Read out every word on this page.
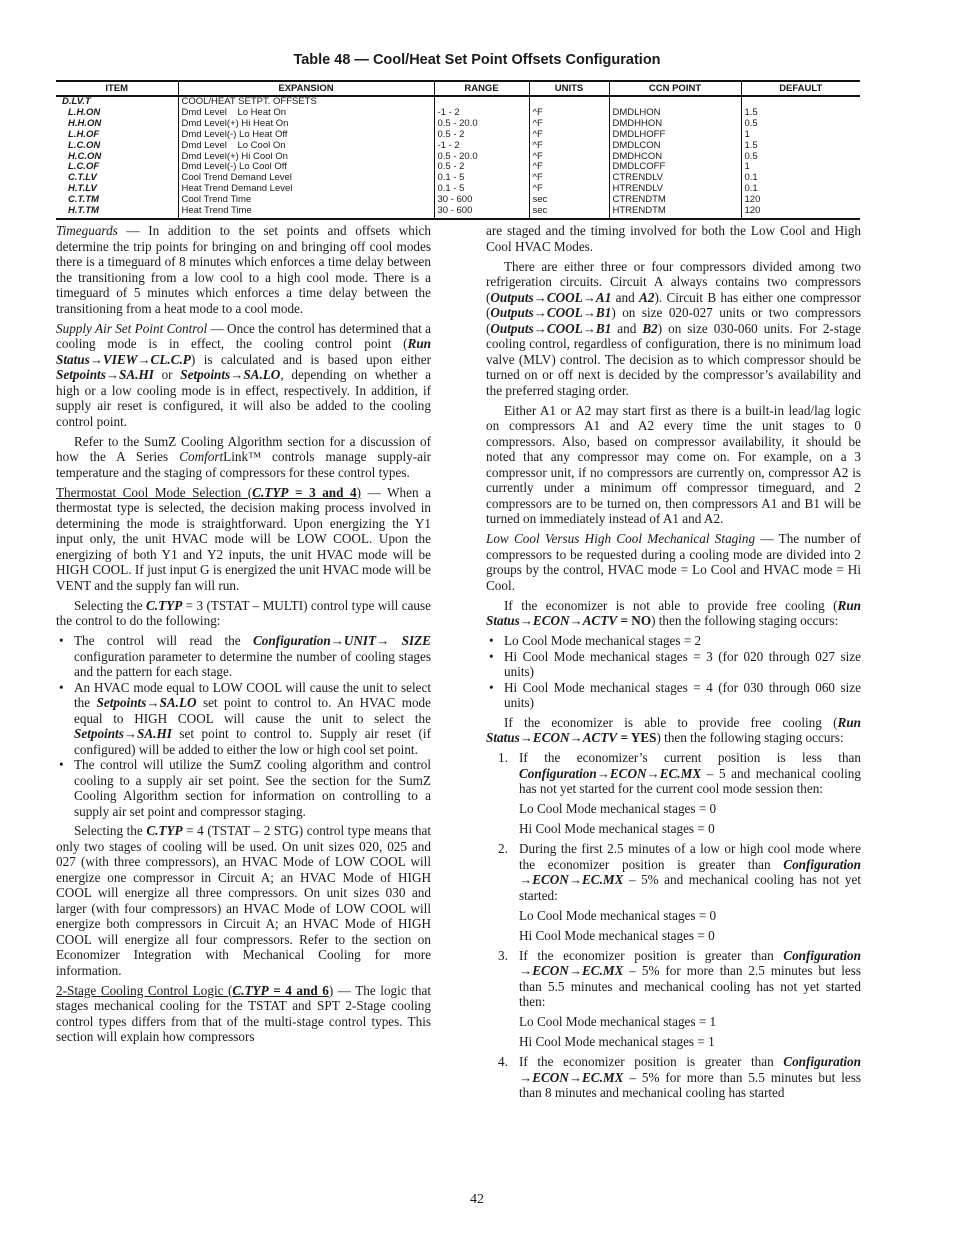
Table 48 — Cool/Heat Set Point Offsets Configuration
ITEM	EXPANSION	RANGE	UNITS	CCN POINT	DEFAULT
D.LV.T	COOL/HEAT SETPT. OFFSETS				
L.H.ON	Dmd Level    Lo Heat On	-1 - 2	^F	DMDLHON	1.5
H.H.ON	Dmd Level(+) Hi Heat On	0.5 - 20.0	^F	DMDHHON	0.5
L.H.OF	Dmd Level(-) Lo Heat Off	0.5 - 2	^F	DMDLHOFF	1
L.C.ON	Dmd Level    Lo Cool On	-1 - 2	^F	DMDLCON	1.5
H.C.ON	Dmd Level(+) Hi Cool On	0.5 - 20.0	^F	DMDHCON	0.5
L.C.OF	Dmd Level(-) Lo Cool Off	0.5 - 2	^F	DMDLCOFF	1
C.T.LV	Cool Trend Demand Level	0.1 - 5	^F	CTRENDLV	0.1
H.T.LV	Heat Trend Demand Level	0.1 - 5	^F	HTRENDLV	0.1
C.T.TM	Cool Trend Time	30 - 600	sec	CTRENDTM	120
H.T.TM	Heat Trend Time	30 - 600	sec	HTRENDTM	120

Timeguards — In addition to the set points and offsets which determine the trip points for bringing on and bringing off cool modes there is a timeguard of 8 minutes which enforces a time delay between the transitioning from a low cool to a high cool mode. There is a timeguard of 5 minutes which enforces a time delay between the transitioning from a heat mode to a cool mode.

Supply Air Set Point Control — Once the control has determined that a cooling mode is in effect, the cooling control point (Run Status→VIEW→CL.C.P) is calculated and is based upon either Setpoints→SA.HI or Setpoints→SA.LO, depending on whether a high or a low cooling mode is in effect, respectively. In addition, if supply air reset is configured, it will also be added to the cooling control point.

Refer to the SumZ Cooling Algorithm section for a discussion of how the A Series ComfortLink™ controls manage supply-air temperature and the staging of compressors for these control types.

Thermostat Cool Mode Selection (C.TYP = 3 and 4) — When a thermostat type is selected, the decision making process involved in determining the mode is straightforward. Upon energizing the Y1 input only, the unit HVAC mode will be LOW COOL. Upon the energizing of both Y1 and Y2 inputs, the unit HVAC mode will be HIGH COOL. If just input G is energized the unit HVAC mode will be VENT and the supply fan will run.

Selecting the C.TYP = 3 (TSTAT – MULTI) control type will cause the control to do the following:

• The control will read the Configuration→UNIT→ SIZE configuration parameter to determine the number of cooling stages and the pattern for each stage.
• An HVAC mode equal to LOW COOL will cause the unit to select the Setpoints→SA.LO set point to control to. An HVAC mode equal to HIGH COOL will cause the unit to select the Setpoints→SA.HI set point to control to. Supply air reset (if configured) will be added to either the low or high cool set point.
• The control will utilize the SumZ cooling algorithm and control cooling to a supply air set point. See the section for the SumZ Cooling Algorithm section for information on controlling to a supply air set point and compressor staging.

Selecting the C.TYP = 4 (TSTAT – 2 STG) control type means that only two stages of cooling will be used. On unit sizes 020, 025 and 027 (with three compressors), an HVAC Mode of LOW COOL will energize one compressor in Circuit A; an HVAC Mode of HIGH COOL will energize all three compressors. On unit sizes 030 and larger (with four compressors) an HVAC Mode of LOW COOL will energize both compressors in Circuit A; an HVAC Mode of HIGH COOL will energize all four compressors. Refer to the section on Economizer Integration with Mechanical Cooling for more information.

2-Stage Cooling Control Logic (C.TYP = 4 and 6) — The logic that stages mechanical cooling for the TSTAT and SPT 2-Stage cooling control types differs from that of the multi-stage control types. This section will explain how compressors

are staged and the timing involved for both the Low Cool and High Cool HVAC Modes.

There are either three or four compressors divided among two refrigeration circuits. Circuit A always contains two compressors (Outputs→COOL→A1 and A2). Circuit B has either one compressor (Outputs→COOL→B1) on size 020-027 units or two compressors (Outputs→COOL→B1 and B2) on size 030-060 units. For 2-stage cooling control, regardless of configuration, there is no minimum load valve (MLV) control. The decision as to which compressor should be turned on or off next is decided by the compressor’s availability and the preferred staging order.

Either A1 or A2 may start first as there is a built-in lead/lag logic on compressors A1 and A2 every time the unit stages to 0 compressors. Also, based on compressor availability, it should be noted that any compressor may come on. For example, on a 3 compressor unit, if no compressors are currently on, compressor A2 is currently under a minimum off compressor timeguard, and 2 compressors are to be turned on, then compressors A1 and B1 will be turned on immediately instead of A1 and A2.

Low Cool Versus High Cool Mechanical Staging — The number of compressors to be requested during a cooling mode are divided into 2 groups by the control, HVAC mode = Lo Cool and HVAC mode = Hi Cool.

If the economizer is not able to provide free cooling (Run Status→ECON→ACTV = NO) then the following staging occurs:

• Lo Cool Mode mechanical stages = 2
• Hi Cool Mode mechanical stages = 3 (for 020 through 027 size units)
• Hi Cool Mode mechanical stages = 4 (for 030 through 060 size units)

If the economizer is able to provide free cooling (Run Status→ECON→ACTV = YES) then the following staging occurs:

1. If the economizer’s current position is less than Configuration→ECON→EC.MX – 5 and mechanical cooling has not yet started for the current cool mode session then:
Lo Cool Mode mechanical stages = 0
Hi Cool Mode mechanical stages = 0
2. During the first 2.5 minutes of a low or high cool mode where the economizer position is greater than Configuration →ECON→EC.MX – 5% and mechanical cooling has not yet started:
Lo Cool Mode mechanical stages = 0
Hi Cool Mode mechanical stages = 0
3. If the economizer position is greater than Configuration →ECON→EC.MX – 5% for more than 2.5 minutes but less than 5.5 minutes and mechanical cooling has not yet started then:
Lo Cool Mode mechanical stages = 1
Hi Cool Mode mechanical stages = 1
4. If the economizer position is greater than Configuration →ECON→EC.MX – 5% for more than 5.5 minutes but less than 8 minutes and mechanical cooling has started
42
